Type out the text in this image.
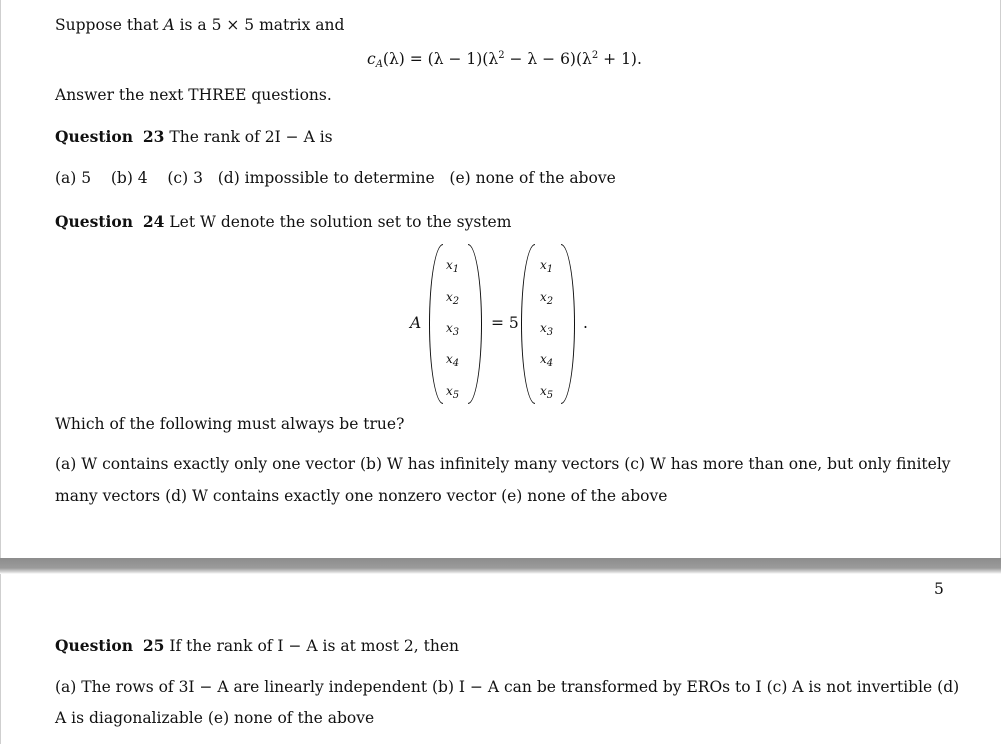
Suppose that A is a 5 × 5 matrix and
$c_A(\lambda) = (\lambda - 1)(\lambda^2 - \lambda - 6)(\lambda^2 + 1)$.
Answer the next THREE questions.
Question 23 The rank of 2I − A is
(a) 5 (b) 4 (c) 3 (d) impossible to determine (e) none of the above
Question 24 Let W denote the solution set to the system
A
$x_1$
$x_2$
$x_3$
$x_4$
$x_5$
= 5
$x_1$
$x_2$
$x_3$
$x_4$
$x_5$
.
Which of the following must always be true?
(a) W contains exactly only one vector (b) W has infinitely many vectors (c) W has more than one, but only finitely
many vectors (d) W contains exactly one nonzero vector (e) none of the above
5
Question 25 If the rank of I − A is at most 2, then
(a) The rows of 3I − A are linearly independent (b) I − A can be transformed by EROs to I (c) A is not invertible (d)
A is diagonalizable (e) none of the above
